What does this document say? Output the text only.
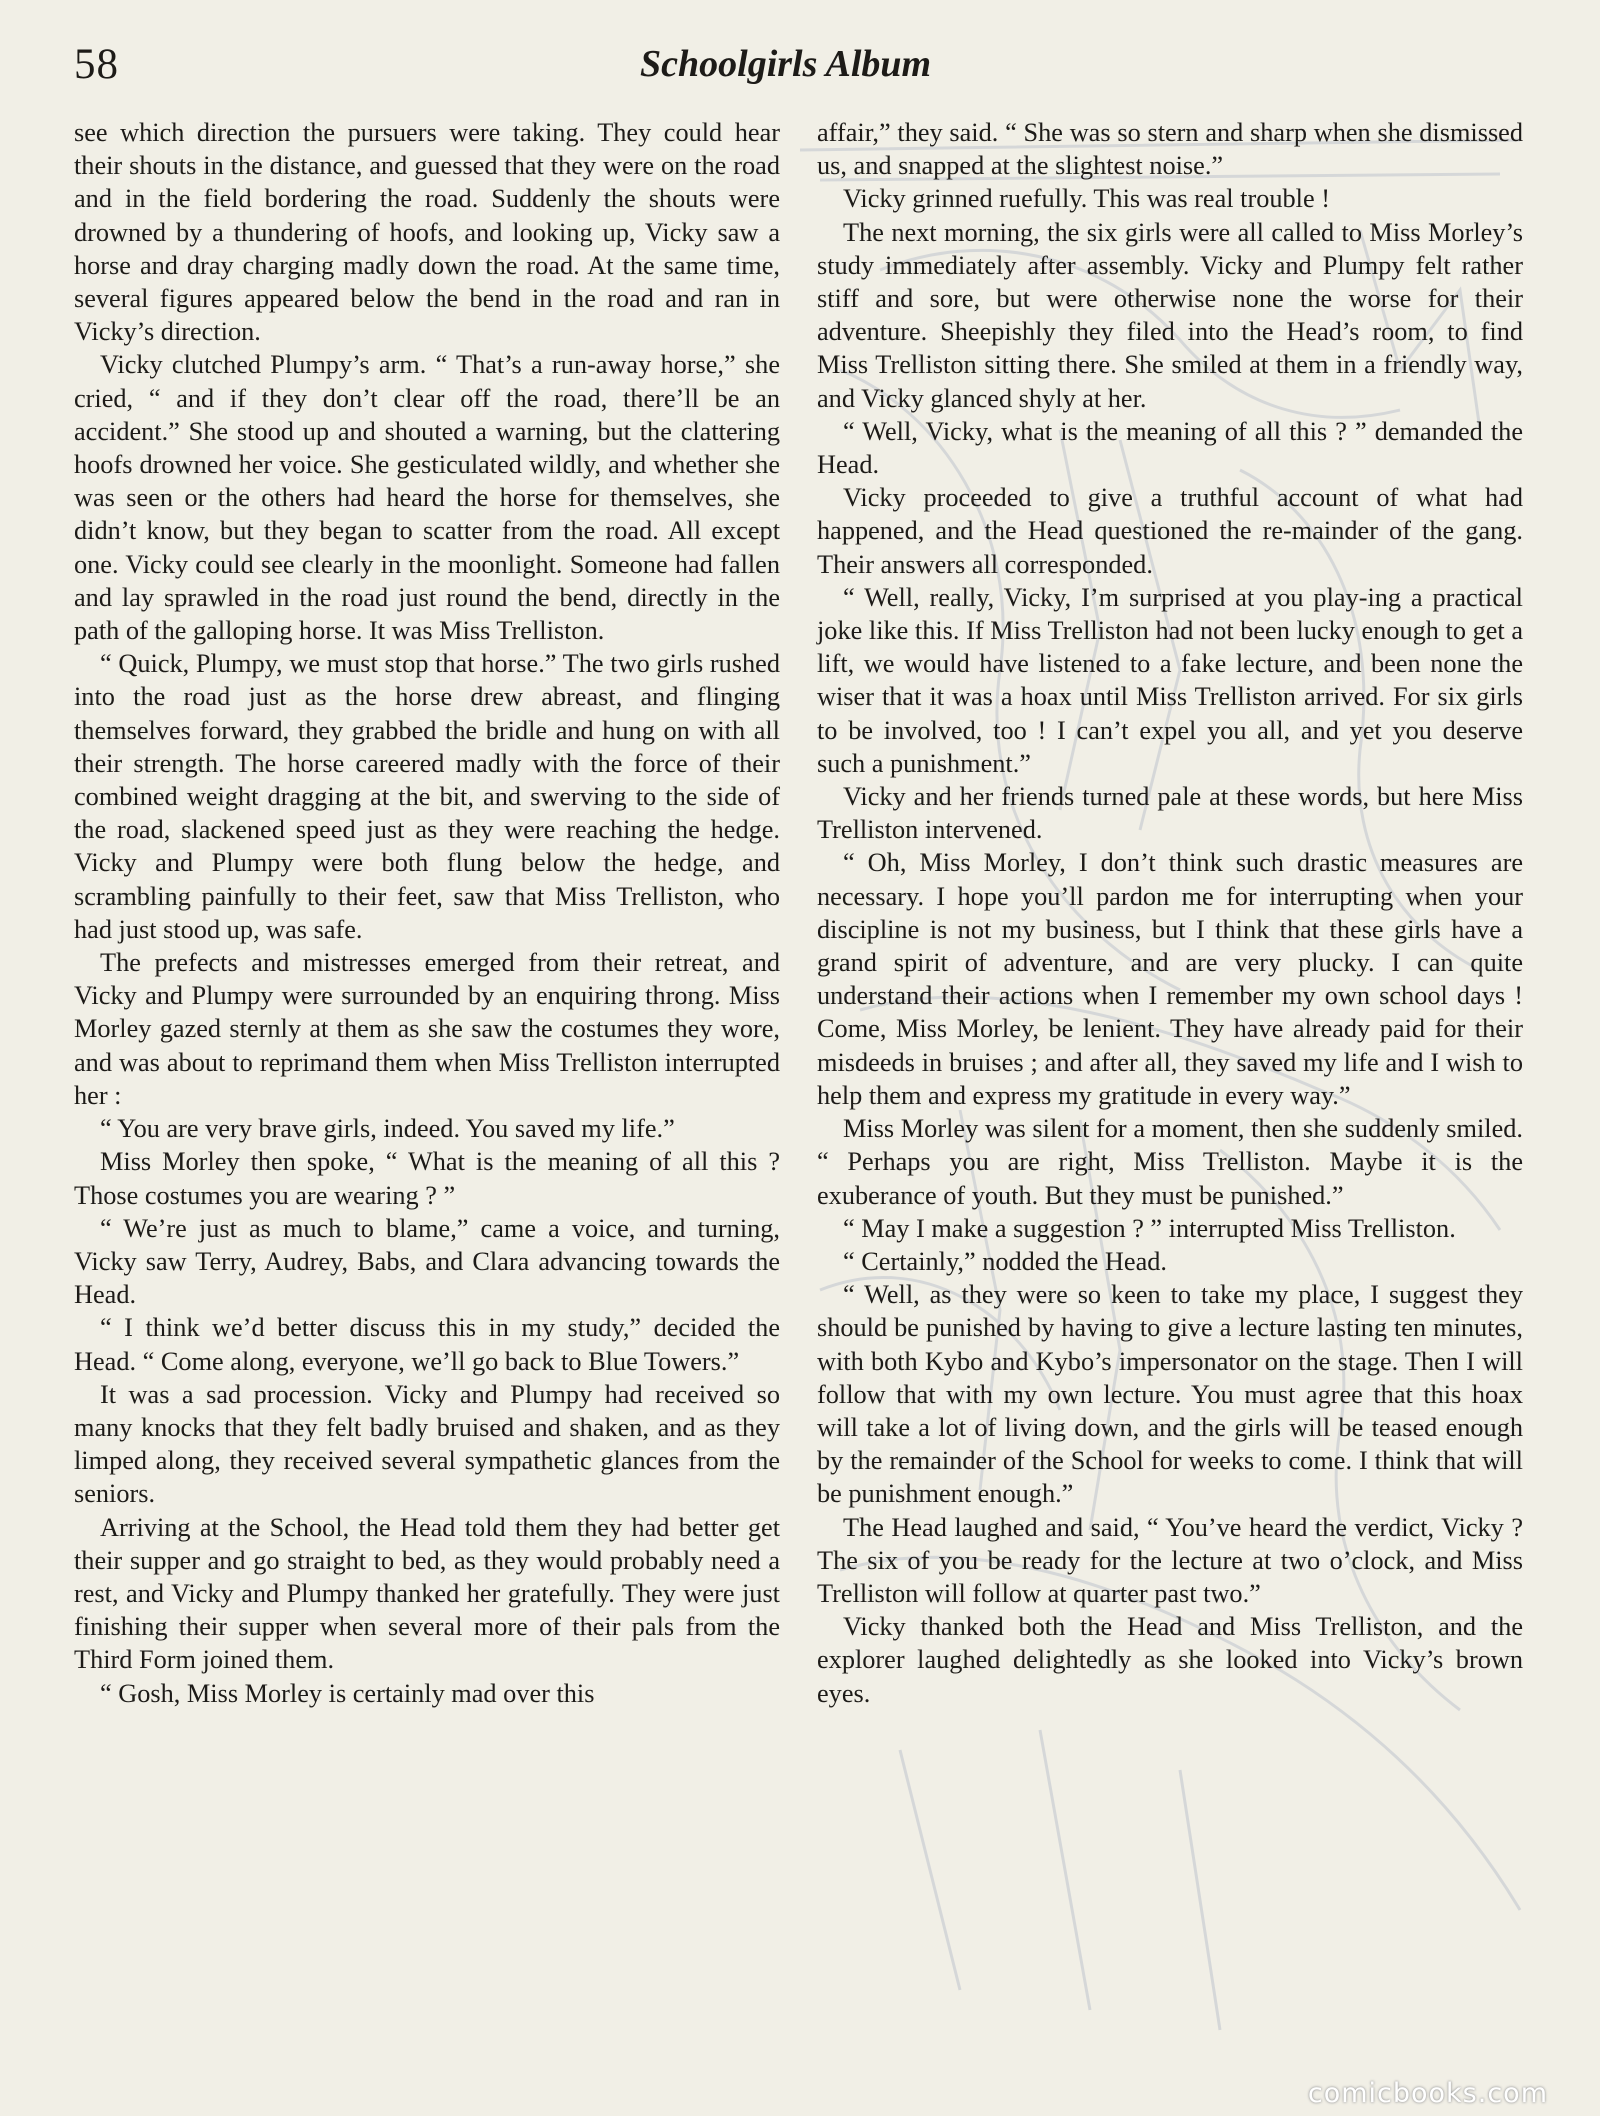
58	Schoolgirls Album

see which direction the pursuers were taking. They could hear their shouts in the distance, and guessed that they were on the road and in the field bordering the road. Suddenly the shouts were drowned by a thundering of hoofs, and looking up, Vicky saw a horse and dray charging madly down the road. At the same time, several figures appeared below the bend in the road and ran in Vicky’s direction.

Vicky clutched Plumpy’s arm. “ That’s a run-away horse,” she cried, “ and if they don’t clear off the road, there’ll be an accident.” She stood up and shouted a warning, but the clattering hoofs drowned her voice. She gesticulated wildly, and whether she was seen or the others had heard the horse for themselves, she didn’t know, but they began to scatter from the road. All except one. Vicky could see clearly in the moonlight. Someone had fallen and lay sprawled in the road just round the bend, directly in the path of the galloping horse. It was Miss Trelliston.

“ Quick, Plumpy, we must stop that horse.” The two girls rushed into the road just as the horse drew abreast, and flinging themselves forward, they grabbed the bridle and hung on with all their strength. The horse careered madly with the force of their combined weight dragging at the bit, and swerving to the side of the road, slackened speed just as they were reaching the hedge. Vicky and Plumpy were both flung below the hedge, and scrambling painfully to their feet, saw that Miss Trelliston, who had just stood up, was safe.

The prefects and mistresses emerged from their retreat, and Vicky and Plumpy were surrounded by an enquiring throng. Miss Morley gazed sternly at them as she saw the costumes they wore, and was about to reprimand them when Miss Trelliston interrupted her :

“ You are very brave girls, indeed. You saved my life.”

Miss Morley then spoke, “ What is the meaning of all this ? Those costumes you are wearing ? ”

“ We’re just as much to blame,” came a voice, and turning, Vicky saw Terry, Audrey, Babs, and Clara advancing towards the Head.

“ I think we’d better discuss this in my study,” decided the Head. “ Come along, everyone, we’ll go back to Blue Towers.”

It was a sad procession. Vicky and Plumpy had received so many knocks that they felt badly bruised and shaken, and as they limped along, they received several sympathetic glances from the seniors.

Arriving at the School, the Head told them they had better get their supper and go straight to bed, as they would probably need a rest, and Vicky and Plumpy thanked her gratefully. They were just finishing their supper when several more of their pals from the Third Form joined them.

“ Gosh, Miss Morley is certainly mad over this

affair,” they said. “ She was so stern and sharp when she dismissed us, and snapped at the slightest noise.”

Vicky grinned ruefully. This was real trouble !

The next morning, the six girls were all called to Miss Morley’s study immediately after assembly. Vicky and Plumpy felt rather stiff and sore, but were otherwise none the worse for their adventure. Sheepishly they filed into the Head’s room, to find Miss Trelliston sitting there. She smiled at them in a friendly way, and Vicky glanced shyly at her.

“ Well, Vicky, what is the meaning of all this ? ” demanded the Head.

Vicky proceeded to give a truthful account of what had happened, and the Head questioned the re-mainder of the gang. Their answers all corresponded.

“ Well, really, Vicky, I’m surprised at you play-ing a practical joke like this. If Miss Trelliston had not been lucky enough to get a lift, we would have listened to a fake lecture, and been none the wiser that it was a hoax until Miss Trelliston arrived. For six girls to be involved, too ! I can’t expel you all, and yet you deserve such a punishment.”

Vicky and her friends turned pale at these words, but here Miss Trelliston intervened.

“ Oh, Miss Morley, I don’t think such drastic measures are necessary. I hope you’ll pardon me for interrupting when your discipline is not my business, but I think that these girls have a grand spirit of adventure, and are very plucky. I can quite understand their actions when I remember my own school days ! Come, Miss Morley, be lenient. They have already paid for their misdeeds in bruises ; and after all, they saved my life and I wish to help them and express my gratitude in every way.”

Miss Morley was silent for a moment, then she suddenly smiled. “ Perhaps you are right, Miss Trelliston. Maybe it is the exuberance of youth. But they must be punished.”

“ May I make a suggestion ? ” interrupted Miss Trelliston.

“ Certainly,” nodded the Head.

“ Well, as they were so keen to take my place, I suggest they should be punished by having to give a lecture lasting ten minutes, with both Kybo and Kybo’s impersonator on the stage. Then I will follow that with my own lecture. You must agree that this hoax will take a lot of living down, and the girls will be teased enough by the remainder of the School for weeks to come. I think that will be punishment enough.”

The Head laughed and said, “ You’ve heard the verdict, Vicky ? The six of you be ready for the lecture at two o’clock, and Miss Trelliston will follow at quarter past two.”

Vicky thanked both the Head and Miss Trelliston, and the explorer laughed delightedly as she looked into Vicky’s brown eyes.

comicbooks.com
